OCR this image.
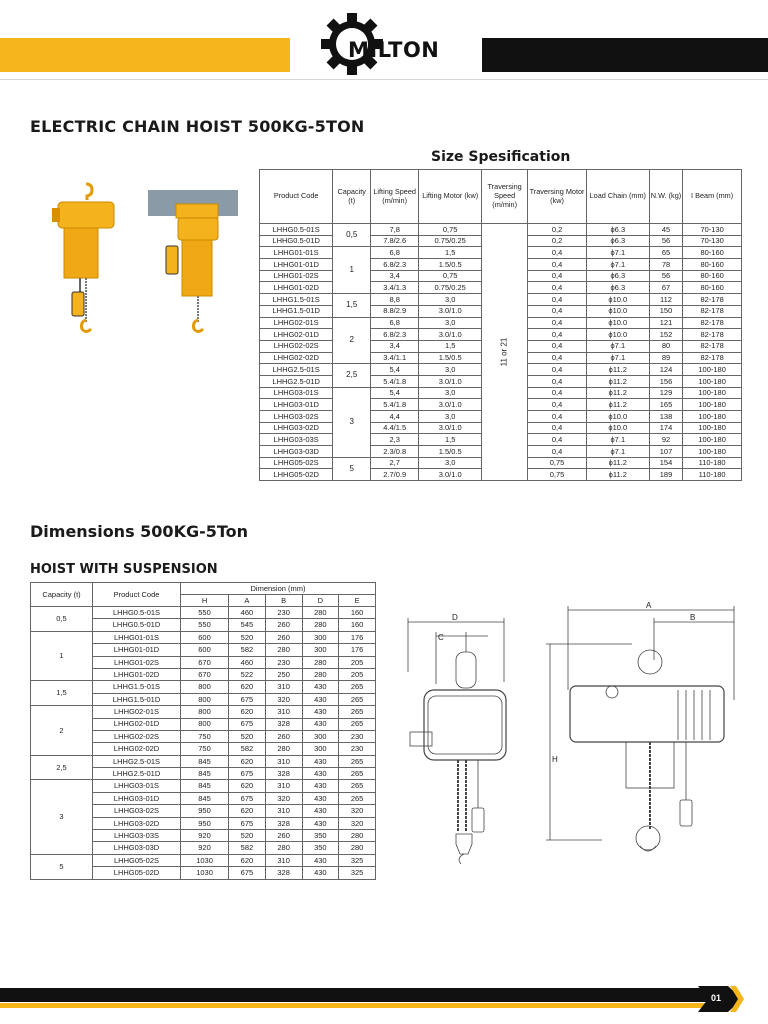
MILTON
ELECTRIC CHAIN HOIST 500KG-5TON
Size Spesification
Product Code	Capacity (t)	Lifting Speed (m/min)	Lifting Motor (kw)	Traversing Speed (m/min)	Traversing Motor (kw)	Load Chain (mm)	N.W. (kg)	I Beam (mm)
LHHG0.5-01S	0,5	7,8	0,75	11 or 21	0,2	ϕ6.3	45	70-130
LHHG0.5-01D		7.8/2.6	0.75/0.25		0,2	ϕ6.3	56	70-130
LHHG01-01S	1	6,8	1,5		0,4	ϕ7.1	65	80-160
LHHG01-01D		6.8/2.3	1.5/0.5		0,4	ϕ7.1	78	80-160
LHHG01-02S		3,4	0,75		0,4	ϕ6.3	56	80-160
LHHG01-02D		3.4/1.3	0.75/0.25		0,4	ϕ6.3	67	80-160
LHHG1.5-01S	1,5	8,8	3,0		0,4	ϕ10.0	112	82-178
LHHG1.5-01D		8.8/2.9	3.0/1.0		0,4	ϕ10.0	150	82-178
LHHG02-01S	2	6,8	3,0		0,4	ϕ10.0	121	82-178
LHHG02-01D		6.8/2.3	3.0/1.0		0,4	ϕ10.0	152	82-178
LHHG02-02S		3,4	1,5		0,4	ϕ7.1	80	82-178
LHHG02-02D		3.4/1.1	1.5/0.5		0,4	ϕ7.1	89	82-178
LHHG2.5-01S	2,5	5,4	3,0		0,4	ϕ11.2	124	100-180
LHHG2.5-01D		5.4/1.8	3.0/1.0		0,4	ϕ11.2	156	100-180
LHHG03-01S	3	5,4	3,0		0,4	ϕ11.2	129	100-180
LHHG03-01D		5.4/1.8	3.0/1.0		0,4	ϕ11.2	165	100-180
LHHG03-02S		4,4	3,0		0,4	ϕ10.0	138	100-180
LHHG03-02D		4.4/1.5	3.0/1.0		0,4	ϕ10.0	174	100-180
LHHG03-03S		2,3	1,5		0,4	ϕ7.1	92	100-180
LHHG03-03D		2.3/0.8	1.5/0.5		0,4	ϕ7.1	107	100-180
LHHG05-02S	5	2,7	3,0		0,75	ϕ11.2	154	110-180
LHHG05-02D		2.7/0.9	3.0/1.0		0,75	ϕ11.2	189	110-180
Dimensions 500KG-5Ton
HOIST WITH SUSPENSION
Capacity (t)	Product Code	Dimension (mm)				
		H	A	B	D	E
0,5	LHHG0.5-01S	550	460	230	280	160
	LHHG0.5-01D	550	545	260	280	160
1	LHHG01-01S	600	520	260	300	176
	LHHG01-01D	600	582	280	300	176
	LHHG01-02S	670	460	230	280	205
	LHHG01-02D	670	522	250	280	205
1,5	LHHG1.5-01S	800	620	310	430	265
	LHHG1.5-01D	800	675	320	430	265
2	LHHG02-01S	800	620	310	430	265
	LHHG02-01D	800	675	328	430	265
	LHHG02-02S	750	520	260	300	230
	LHHG02-02D	750	582	280	300	230
2,5	LHHG2.5-01S	845	620	310	430	265
	LHHG2.5-01D	845	675	328	430	265
3	LHHG03-01S	845	620	310	430	265
	LHHG03-01D	845	675	320	430	265
	LHHG03-02S	950	620	310	430	320
	LHHG03-02D	950	675	328	430	320
	LHHG03-03S	920	520	260	350	280
	LHHG03-03D	920	582	280	350	280
5	LHHG05-02S	1030	620	310	430	325
	LHHG05-02D	1030	675	328	430	325
D
C
A
B
H
01
